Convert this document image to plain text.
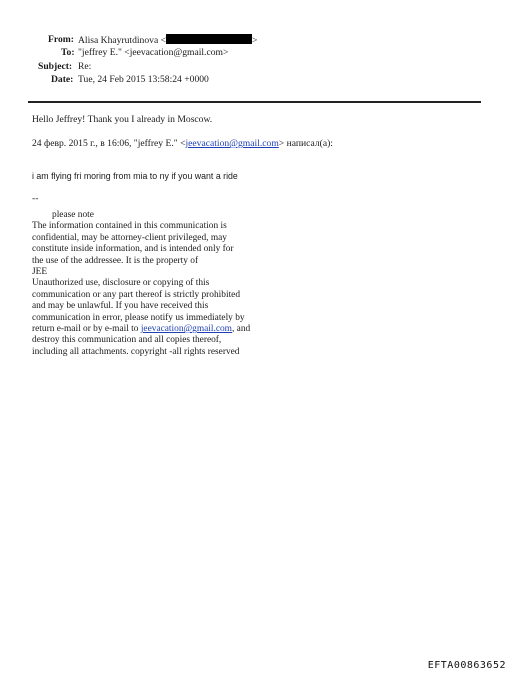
From: Alisa Khayrutdinova <	>
To: "jeffrey E." <jeevacation@gmail.com>
Subject: Re:
Date: Tue, 24 Feb 2015 13:58:24 +0000
Hello Jeffrey! Thank you I already in Moscow.
24 февр. 2015 г., в 16:06, "jeffrey E." <jeevacation@gmail.com> написал(а):
i am flying fri moring from mia to ny if you want a ride
--
please note
The information contained in this communication is
confidential, may be attorney-client privileged, may
constitute inside information, and is intended only for
the use of the addressee. It is the property of
JEE
Unauthorized use, disclosure or copying of this
communication or any part thereof is strictly prohibited
and may be unlawful. If you have received this
communication in error, please notify us immediately by
return e-mail or by e-mail to jeevacation@gmail.com, and
destroy this communication and all copies thereof,
including all attachments. copyright -all rights reserved
EFTA00863652
